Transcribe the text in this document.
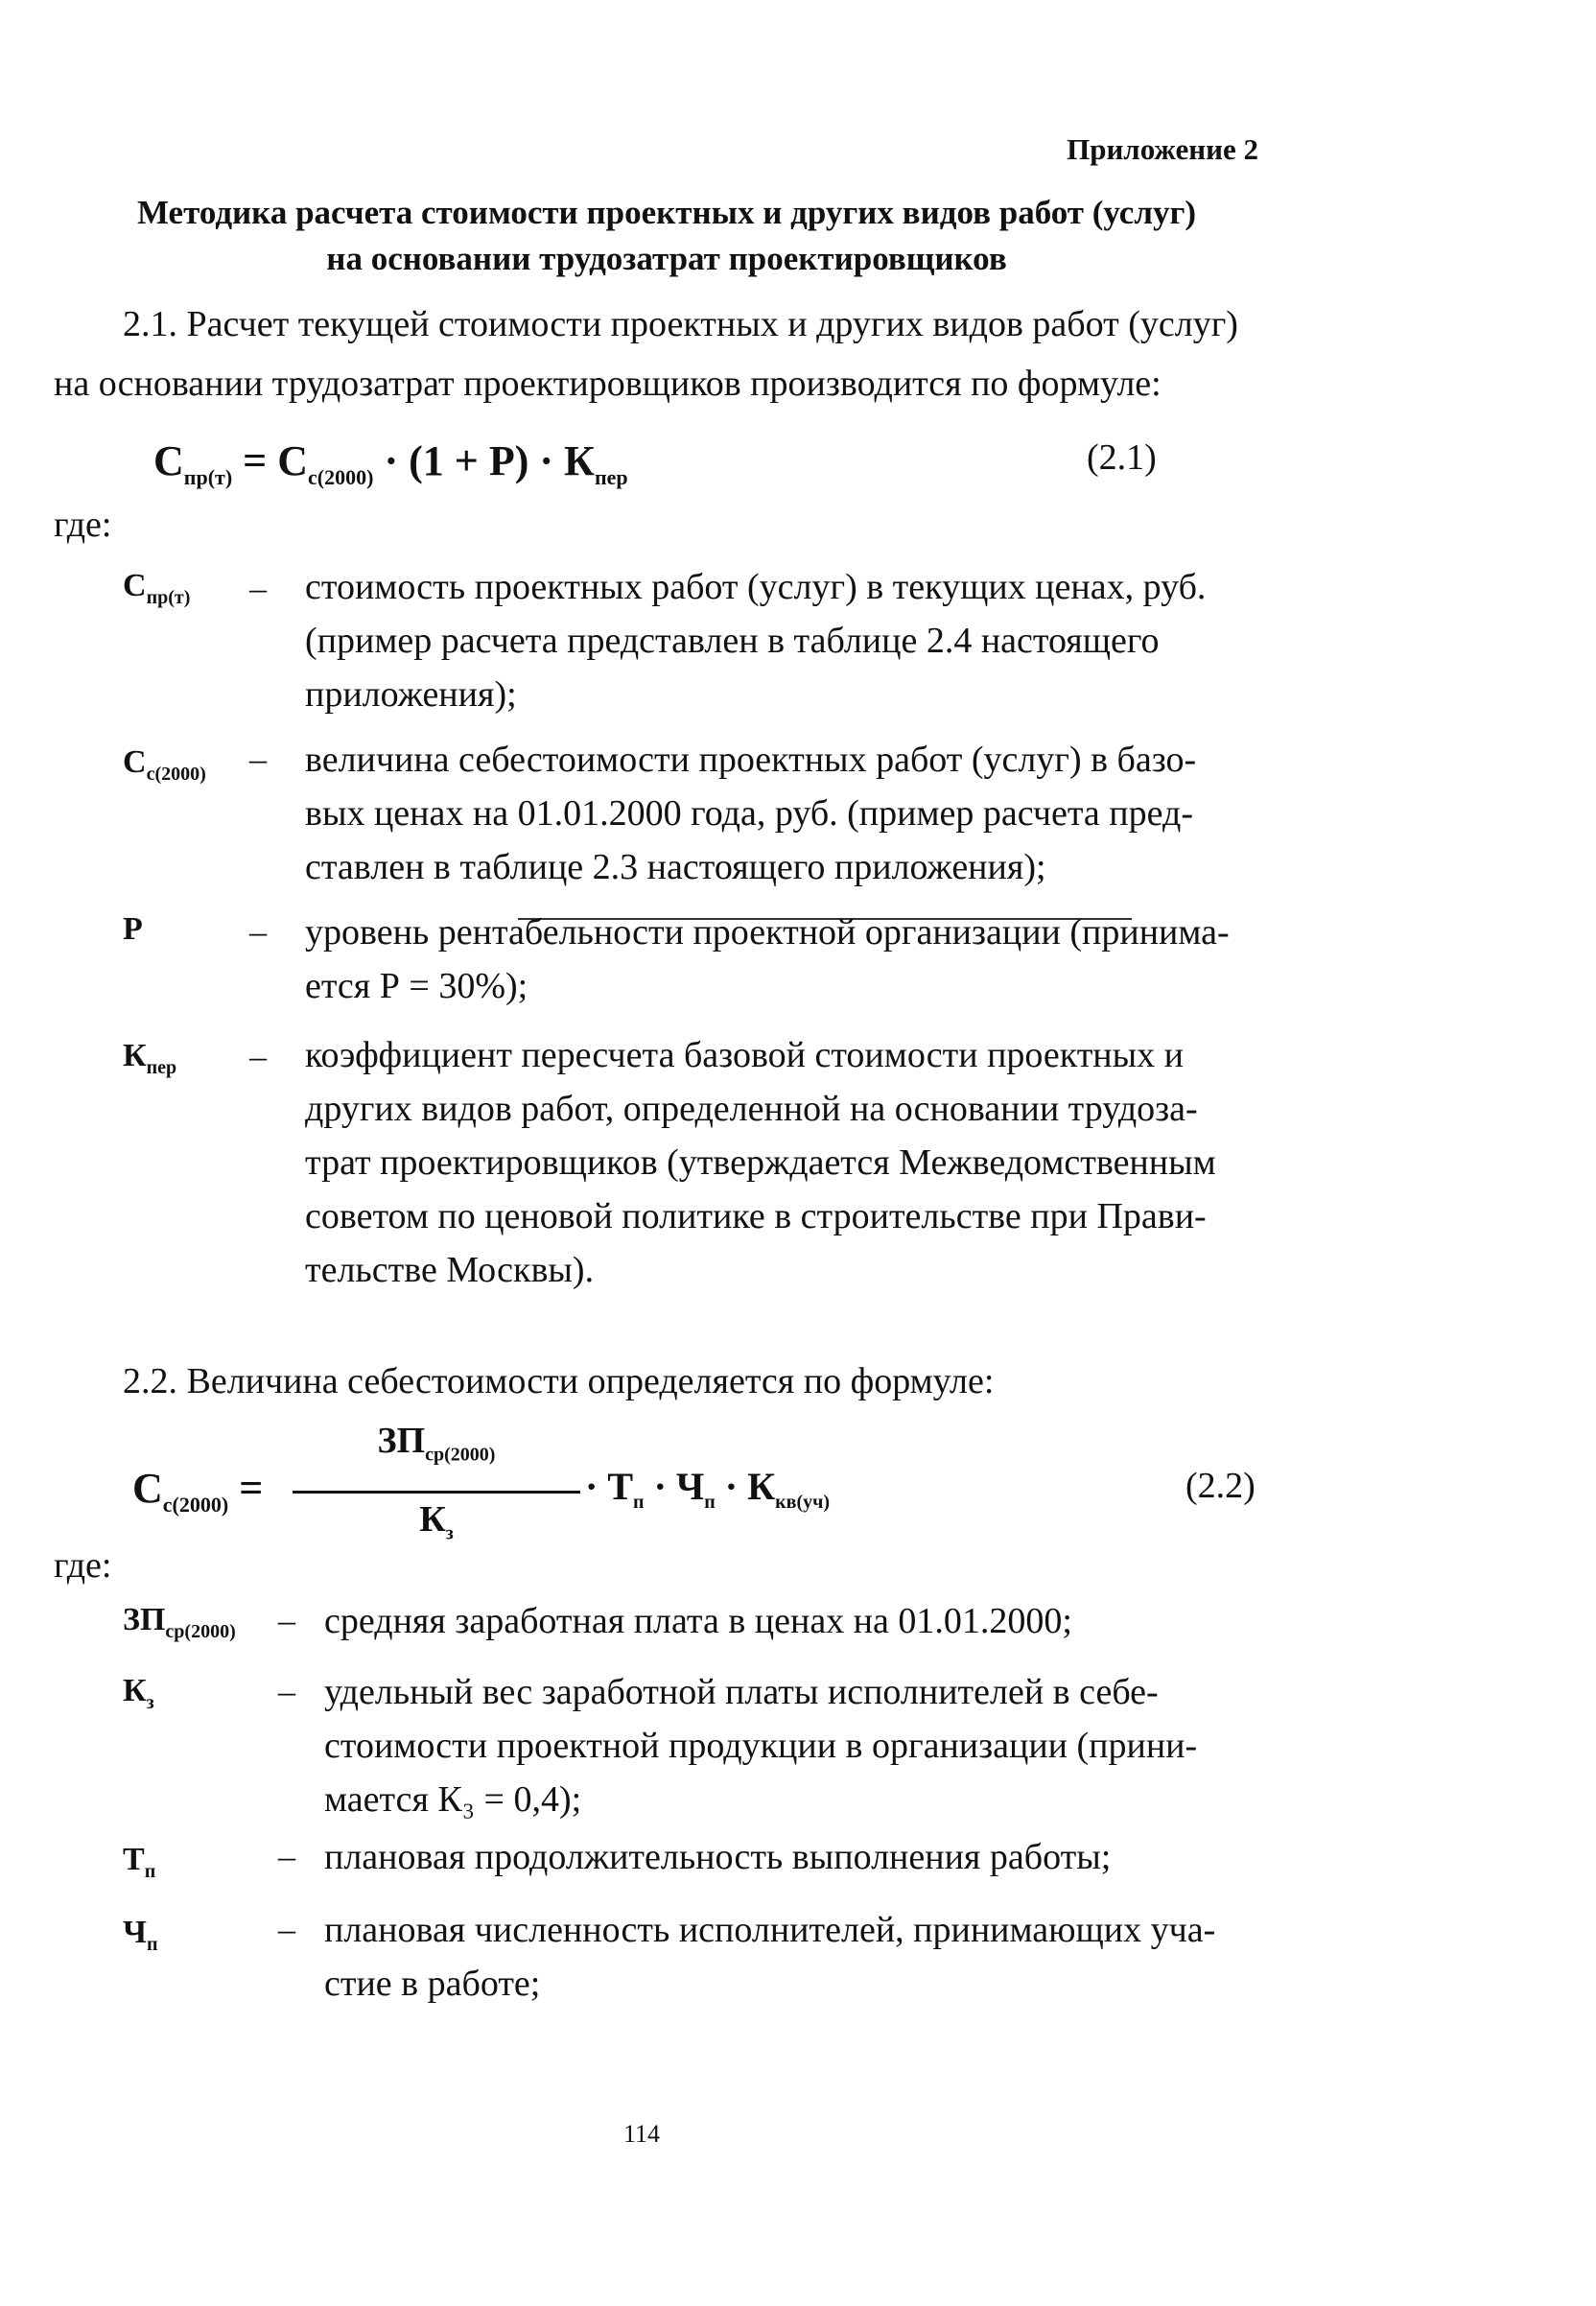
Приложение 2
Методика расчета стоимости проектных и других видов работ (услуг)
на основании трудозатрат проектировщиков
2.1. Расчет текущей стоимости проектных и других видов работ (услуг)
на основании трудозатрат проектировщиков производится по формуле:
$С_{пр(т)} = С_{с(2000)} \cdot (1 + Р) \cdot К_{пер}$	(2.1)
где:
$С_{пр(т)}$ – стоимость проектных работ (услуг) в текущих ценах, руб.
(пример расчета представлен в таблице 2.4 настоящего
приложения);
$С_{с(2000)}$ – величина себестоимости проектных работ (услуг) в базо-
вых ценах на 01.01.2000 года, руб. (пример расчета пред-
ставлен в таблице 2.3 настоящего приложения);
Р	– уровень рентабельности проектной организации (принима-
ется Р = 30%);
$К_{пер}$ – коэффициент пересчета базовой стоимости проектных и
других видов работ, определенной на основании трудоза-
трат проектировщиков (утверждается Межведомственным
советом по ценовой политике в строительстве при Прави-
тельстве Москвы).
2.2. Величина себестоимости определяется по формуле:
$С_{с(2000)}$ =
$ЗП_{ср(2000)}$
$К_з$
· $Т_п \cdot Ч_п \cdot К_{кв(уч)}$	(2.2)
где:
$ЗП_{ср(2000)}$ – средняя заработная плата в ценах на 01.01.2000;
$К_з$	– удельный вес заработной платы исполнителей в себе-
стоимости проектной продукции в организации (прини-
мается К₃ = 0,4);
$Т_п$	– плановая продолжительность выполнения работы;
$Ч_п$	– плановая численность исполнителей, принимающих уча-
стие в работе;
114
